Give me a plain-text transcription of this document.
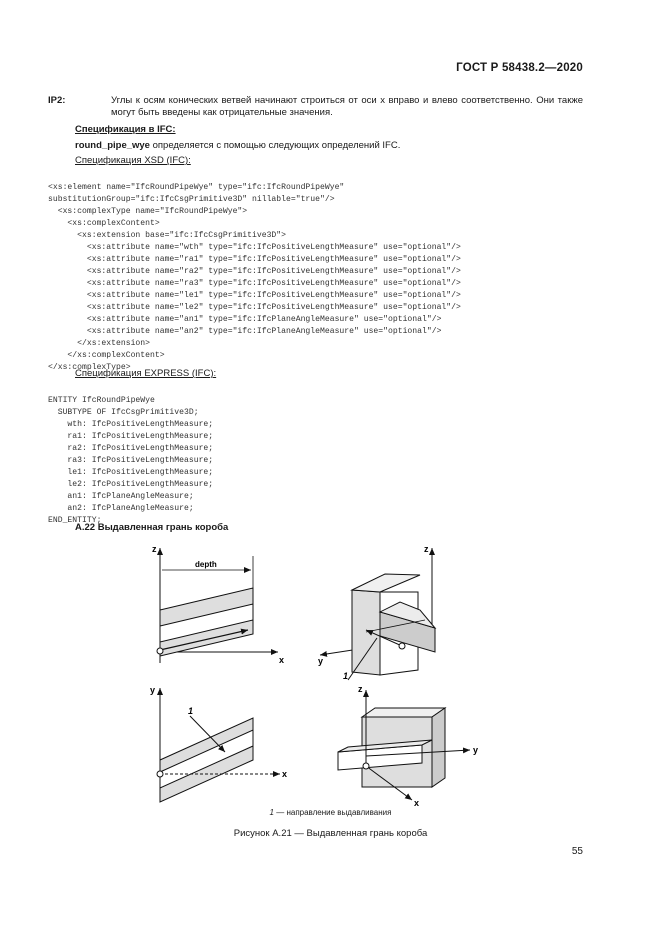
ГОСТ Р 58438.2—2020
IP2:	Углы к осям конических ветвей начинают строиться от оси x вправо и влево соответственно. Они также могут быть введены как отрицательные значения.
Спецификация в IFC:
round_pipe_wye определяется с помощью следующих определений IFC.
Спецификация XSD (IFC):

<xs:element name="IfcRoundPipeWye" type="ifc:IfcRoundPipeWye"
substitutionGroup="ifc:IfcCsgPrimitive3D" nillable="true"/>
<xs:complexType name="IfcRoundPipeWye">
<xs:complexContent>
<xs:extension base="ifc:IfcCsgPrimitive3D">
<xs:attribute name="wth" type="ifc:IfcPositiveLengthMeasure" use="optional"/>
<xs:attribute name="ra1" type="ifc:IfcPositiveLengthMeasure" use="optional"/>
<xs:attribute name="ra2" type="ifc:IfcPositiveLengthMeasure" use="optional"/>
<xs:attribute name="ra3" type="ifc:IfcPositiveLengthMeasure" use="optional"/>
<xs:attribute name="le1" type="ifc:IfcPositiveLengthMeasure" use="optional"/>
<xs:attribute name="le2" type="ifc:IfcPositiveLengthMeasure" use="optional"/>
<xs:attribute name="an1" type="ifc:IfcPlaneAngleMeasure" use="optional"/>
<xs:attribute name="an2" type="ifc:IfcPlaneAngleMeasure" use="optional"/>
</xs:extension>
</xs:complexContent>
</xs:complexType>

Спецификация EXPRESS (IFC):

ENTITY IfcRoundPipeWye
SUBTYPE OF IfcCsgPrimitive3D;
wth: IfcPositiveLengthMeasure;
ra1: IfcPositiveLengthMeasure;
ra2: IfcPositiveLengthMeasure;
ra3: IfcPositiveLengthMeasure;
le1: IfcPositiveLengthMeasure;
le2: IfcPositiveLengthMeasure;
an1: IfcPlaneAngleMeasure;
an2: IfcPlaneAngleMeasure;
END_ENTITY;

A.22 Выдавленная грань короба
z
x
depth
z
y
1
y
1
x
z
y
x
1 — направление выдавливания
Рисунок A.21 — Выдавленная грань короба
55
